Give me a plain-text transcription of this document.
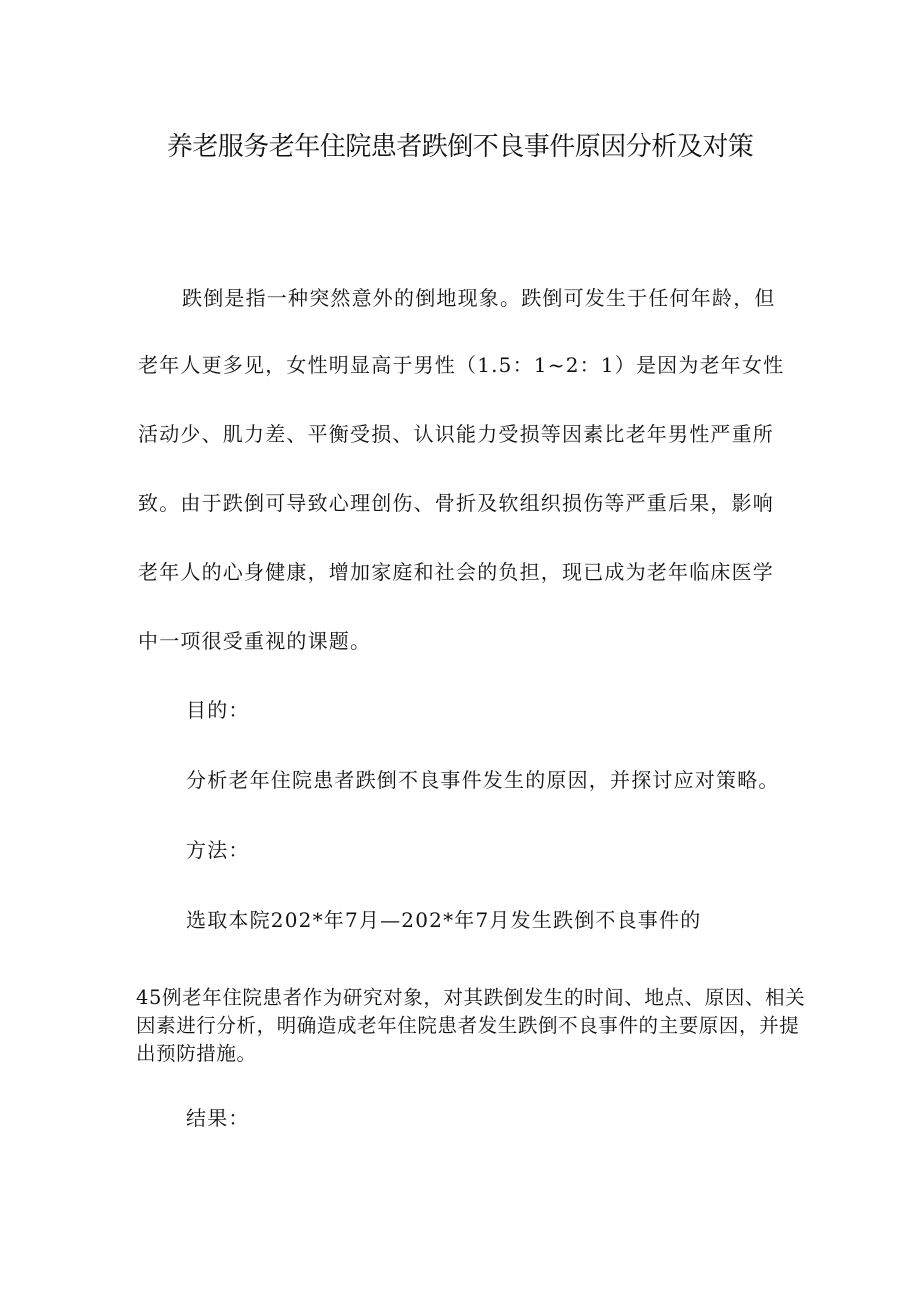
养老服务老年住院患者跌倒不良事件原因分析及对策

跌倒是指一种突然意外的倒地现象。跌倒可发生于任何年龄，但

老年人更多见，女性明显高于男性（1.5：1~2：1）是因为老年女性

活动少、肌力差、平衡受损、认识能力受损等因素比老年男性严重所

致。由于跌倒可导致心理创伤、骨折及软组织损伤等严重后果，影响

老年人的心身健康，增加家庭和社会的负担，现已成为老年临床医学

中一项很受重视的课题。

目的：

分析老年住院患者跌倒不良事件发生的原因，并探讨应对策略。

方法：

选取本院202*年7月—202*年7月发生跌倒不良事件的

45例老年住院患者作为研究对象，对其跌倒发生的时间、地点、原因、相关因素进行分析，明确造成老年住院患者发生跌倒不良事件的主要原因，并提出预防措施。

结果：
